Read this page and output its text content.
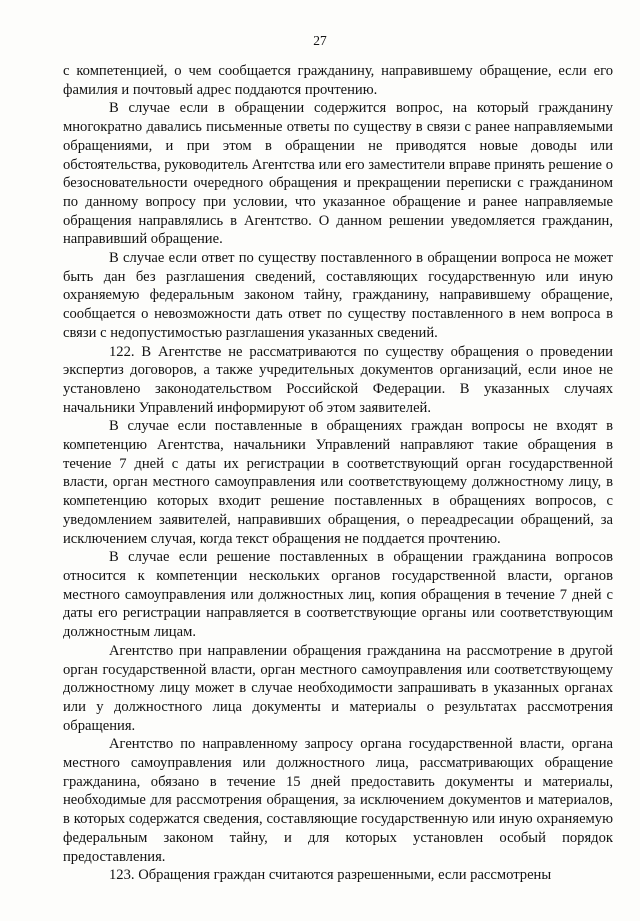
27

с компетенцией, о чем сообщается гражданину, направившему обращение, если его фамилия и почтовый адрес поддаются прочтению.

В случае если в обращении содержится вопрос, на который гражданину многократно давались письменные ответы по существу в связи с ранее направляемыми обращениями, и при этом в обращении не приводятся новые доводы или обстоятельства, руководитель Агентства или его заместители вправе принять решение о безосновательности очередного обращения и прекращении переписки с гражданином по данному вопросу при условии, что указанное обращение и ранее направляемые обращения направлялись в Агентство. О данном решении уведомляется гражданин, направивший обращение.

В случае если ответ по существу поставленного в обращении вопроса не может быть дан без разглашения сведений, составляющих государственную или иную охраняемую федеральным законом тайну, гражданину, направившему обращение, сообщается о невозможности дать ответ по существу поставленного в нем вопроса в связи с недопустимостью разглашения указанных сведений.

122. В Агентстве не рассматриваются по существу обращения о проведении экспертиз договоров, а также учредительных документов организаций, если иное не установлено законодательством Российской Федерации. В указанных случаях начальники Управлений информируют об этом заявителей.

В случае если поставленные в обращениях граждан вопросы не входят в компетенцию Агентства, начальники Управлений направляют такие обращения в течение 7 дней с даты их регистрации в соответствующий орган государственной власти, орган местного самоуправления или соответствующему должностному лицу, в компетенцию которых входит решение поставленных в обращениях вопросов, с уведомлением заявителей, направивших обращения, о переадресации обращений, за исключением случая, когда текст обращения не поддается прочтению.

В случае если решение поставленных в обращении гражданина вопросов относится к компетенции нескольких органов государственной власти, органов местного самоуправления или должностных лиц, копия обращения в течение 7 дней с даты его регистрации направляется в соответствующие органы или соответствующим должностным лицам.

Агентство при направлении обращения гражданина на рассмотрение в другой орган государственной власти, орган местного самоуправления или соответствующему должностному лицу может в случае необходимости запрашивать в указанных органах или у должностного лица документы и материалы о результатах рассмотрения обращения.

Агентство по направленному запросу органа государственной власти, органа местного самоуправления или должностного лица, рассматривающих обращение гражданина, обязано в течение 15 дней предоставить документы и материалы, необходимые для рассмотрения обращения, за исключением документов и материалов, в которых содержатся сведения, составляющие государственную или иную охраняемую федеральным законом тайну, и для которых установлен особый порядок предоставления.

123. Обращения граждан считаются разрешенными, если рассмотрены
